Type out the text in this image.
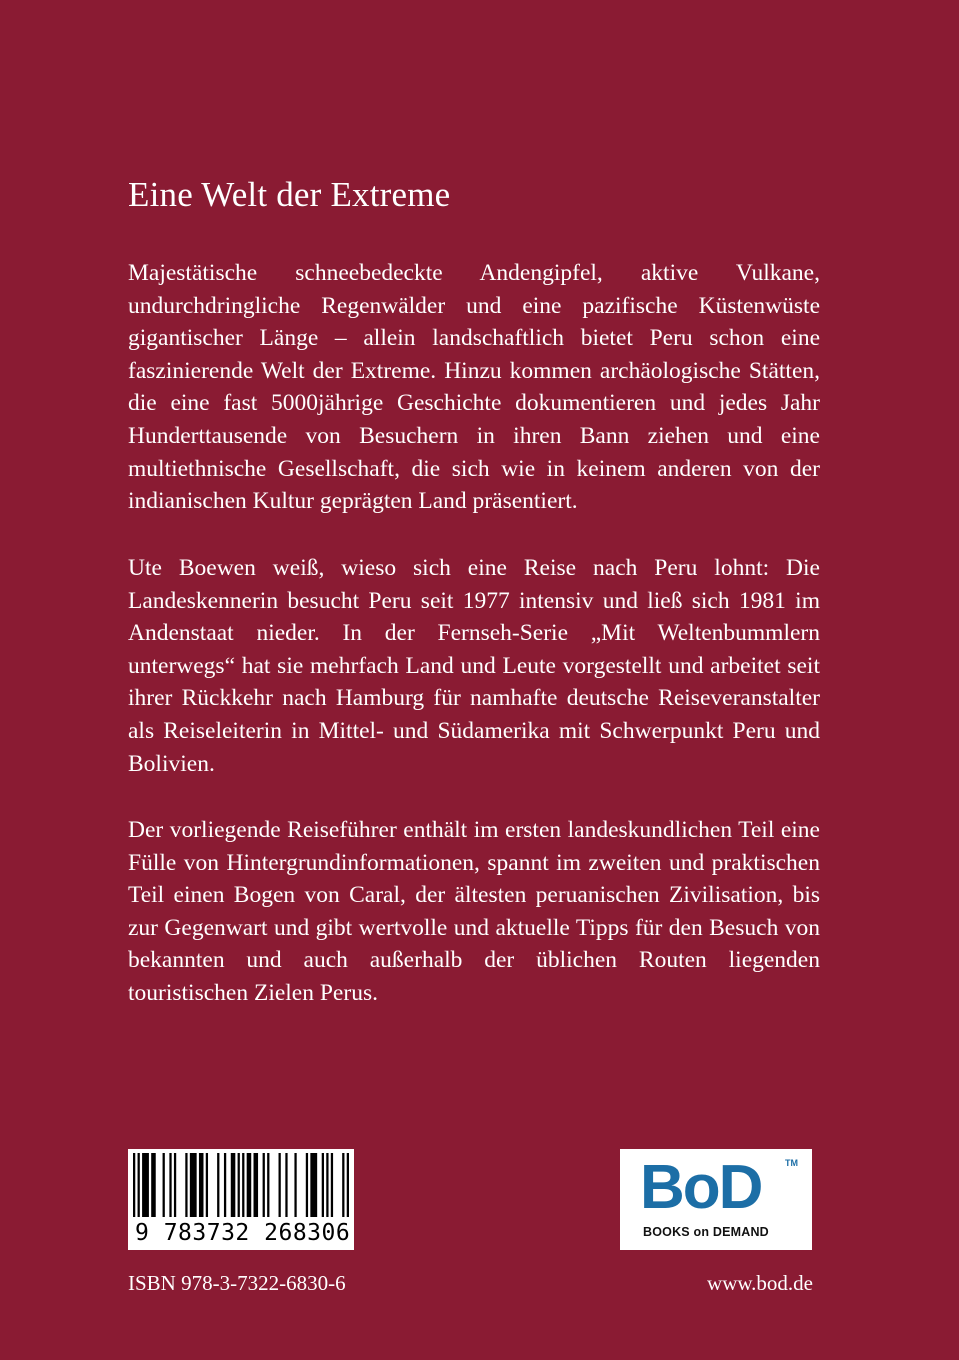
Eine Welt der Extreme

Majestätische schneebedeckte Andengipfel, aktive Vulkane, undurchdringliche Regenwälder und eine pazifische Küstenwüste gigantischer Länge – allein landschaftlich bietet Peru schon eine faszinierende Welt der Extreme. Hinzu kommen archäologische Stätten, die eine fast 5000jährige Geschichte dokumentieren und jedes Jahr Hunderttausende von Besuchern in ihren Bann ziehen und eine multiethnische Gesellschaft, die sich wie in keinem anderen von der indianischen Kultur geprägten Land präsentiert.

Ute Boewen weiß, wieso sich eine Reise nach Peru lohnt: Die Landeskennerin besucht Peru seit 1977 intensiv und ließ sich 1981 im Andenstaat nieder. In der Fernseh-Serie „Mit Weltenbummlern unterwegs“ hat sie mehrfach Land und Leute vorgestellt und arbeitet seit ihrer Rückkehr nach Hamburg für namhafte deutsche Reiseveranstalter als Reiseleiterin in Mittel- und Südamerika mit Schwerpunkt Peru und Bolivien.

Der vorliegende Reiseführer enthält im ersten landeskundlichen Teil eine Fülle von Hintergrundinformationen, spannt im zweiten und praktischen Teil einen Bogen von Caral, der ältesten peruanischen Zivilisation, bis zur Gegenwart und gibt wertvolle und aktuelle Tipps für den Besuch von bekannten und auch außerhalb der üblichen Routen liegenden touristischen Zielen Perus.

9 783732 268306
BoD	TM
BOOKS on DEMAND
ISBN 978-3-7322-6830-6	www.bod.de
